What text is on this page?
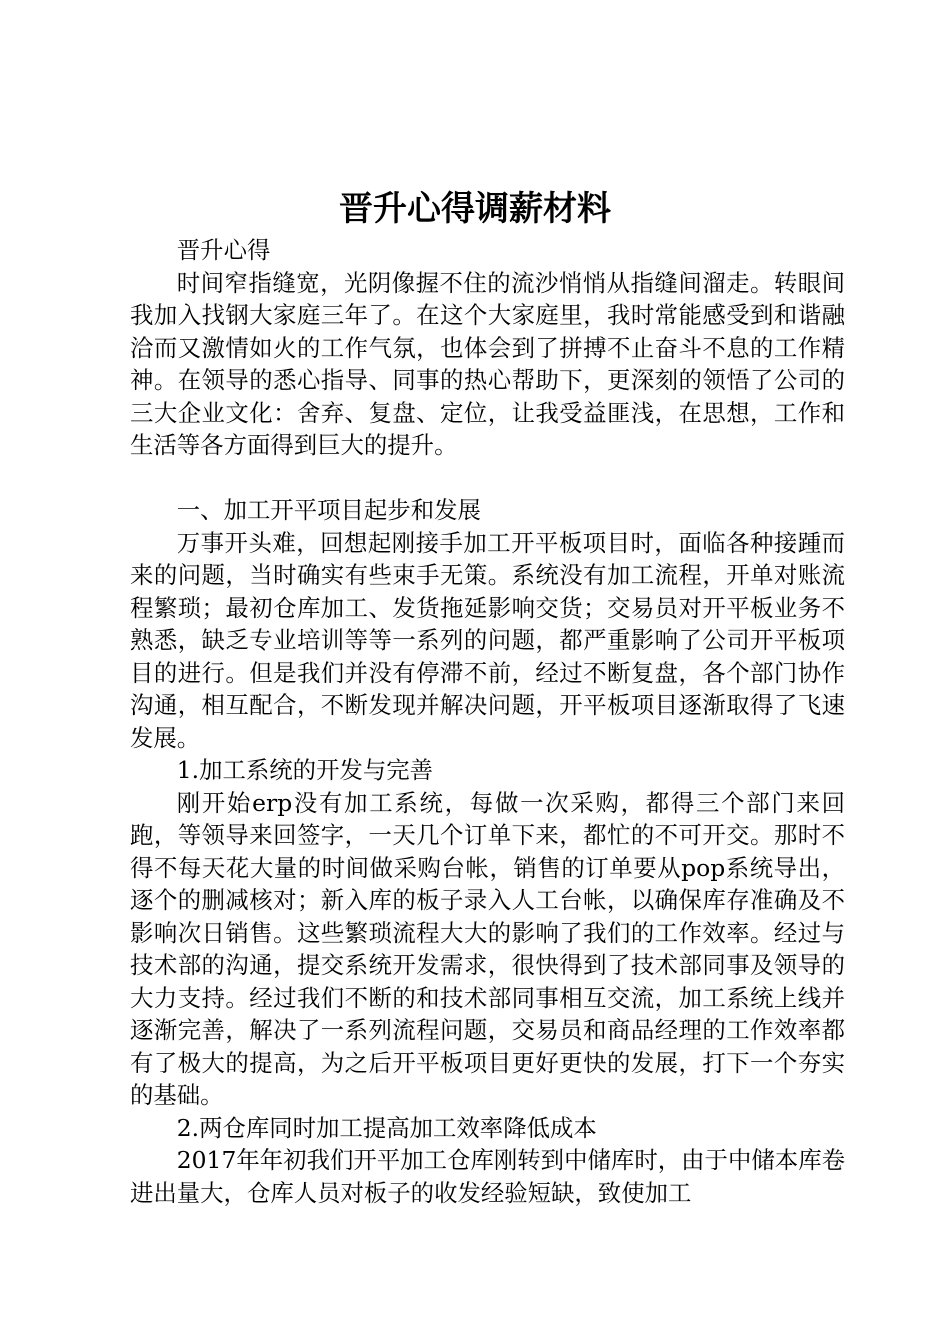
晋升心得调薪材料

晋升心得

时间窄指缝宽，光阴像握不住的流沙悄悄从指缝间溜走。转眼间我加入找钢大家庭三年了。在这个大家庭里，我时常能感受到和谐融洽而又激情如火的工作气氛，也体会到了拼搏不止奋斗不息的工作精神。在领导的悉心指导、同事的热心帮助下，更深刻的领悟了公司的三大企业文化：舍弃、复盘、定位，让我受益匪浅，在思想，工作和生活等各方面得到巨大的提升。

一、加工开平项目起步和发展

万事开头难，回想起刚接手加工开平板项目时，面临各种接踵而来的问题，当时确实有些束手无策。系统没有加工流程，开单对账流程繁琐；最初仓库加工、发货拖延影响交货；交易员对开平板业务不熟悉，缺乏专业培训等等一系列的问题，都严重影响了公司开平板项目的进行。但是我们并没有停滞不前，经过不断复盘，各个部门协作沟通，相互配合，不断发现并解决问题，开平板项目逐渐取得了飞速发展。

1.加工系统的开发与完善

刚开始erp没有加工系统，每做一次采购，都得三个部门来回跑，等领导来回签字，一天几个订单下来，都忙的不可开交。那时不得不每天花大量的时间做采购台帐，销售的订单要从pop系统导出，逐个的删减核对；新入库的板子录入人工台帐，以确保库存准确及不影响次日销售。这些繁琐流程大大的影响了我们的工作效率。经过与技术部的沟通，提交系统开发需求，很快得到了技术部同事及领导的大力支持。经过我们不断的和技术部同事相互交流，加工系统上线并逐渐完善，解决了一系列流程问题，交易员和商品经理的工作效率都有了极大的提高，为之后开平板项目更好更快的发展，打下一个夯实的基础。

2.两仓库同时加工提高加工效率降低成本

2017年年初我们开平加工仓库刚转到中储库时，由于中储本库卷进出量大，仓库人员对板子的收发经验短缺，致使加工
